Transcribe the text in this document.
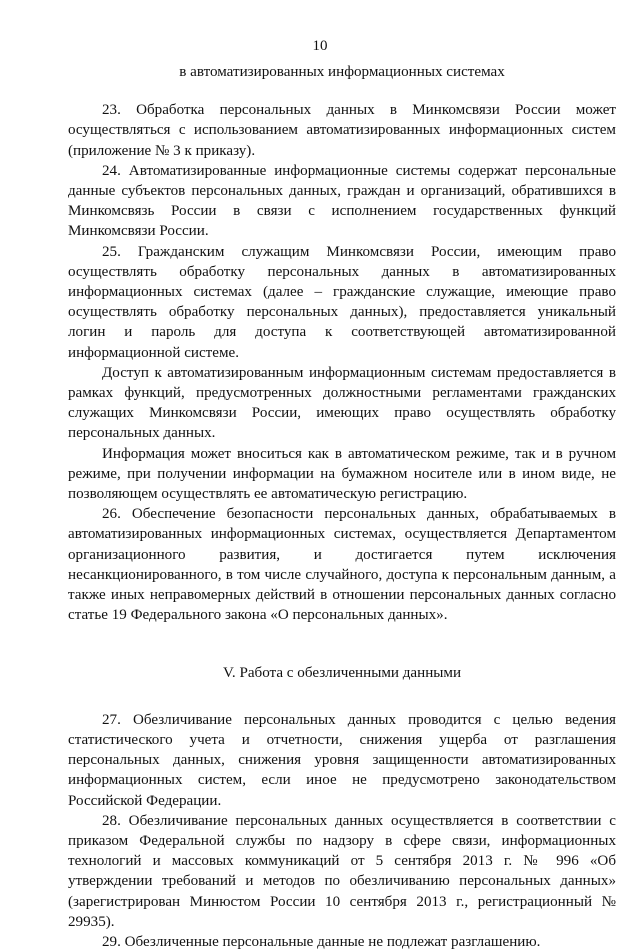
10
в автоматизированных информационных системах

23. Обработка персональных данных в Минкомсвязи России может осуществляться с использованием автоматизированных информационных систем (приложение № 3 к приказу).

24. Автоматизированные информационные системы содержат персональные данные субъектов персональных данных, граждан и организаций, обратившихся в Минкомсвязь России в связи с исполнением государственных функций Минкомсвязи России.

25. Гражданским служащим Минкомсвязи России, имеющим право осуществлять обработку персональных данных в автоматизированных информационных системах (далее – гражданские служащие, имеющие право осуществлять обработку персональных данных), предоставляется уникальный логин и пароль для доступа к соответствующей автоматизированной информационной системе.

Доступ к автоматизированным информационным системам предоставляется в рамках функций, предусмотренных должностными регламентами гражданских служащих Минкомсвязи России, имеющих право осуществлять обработку персональных данных.

Информация может вноситься как в автоматическом режиме, так и в ручном режиме, при получении информации на бумажном носителе или в ином виде, не позволяющем осуществлять ее автоматическую регистрацию.

26. Обеспечение безопасности персональных данных, обрабатываемых в автоматизированных информационных системах, осуществляется Департаментом организационного развития, и достигается путем исключения несанкционированного, в том числе случайного, доступа к персональным данным, а также иных неправомерных действий в отношении персональных данных согласно статье 19 Федерального закона «О персональных данных».

V. Работа с обезличенными данными

27. Обезличивание персональных данных проводится с целью ведения статистического учета и отчетности, снижения ущерба от разглашения персональных данных, снижения уровня защищенности автоматизированных информационных систем, если иное не предусмотрено законодательством Российской Федерации.

28. Обезличивание персональных данных осуществляется в соответствии с приказом Федеральной службы по надзору в сфере связи, информационных технологий и массовых коммуникаций от 5 сентября 2013 г. № 996 «Об утверждении требований и методов по обезличиванию персональных данных» (зарегистрирован Минюстом России 10 сентября 2013 г., регистрационный № 29935).

29. Обезличенные персональные данные не подлежат разглашению.
